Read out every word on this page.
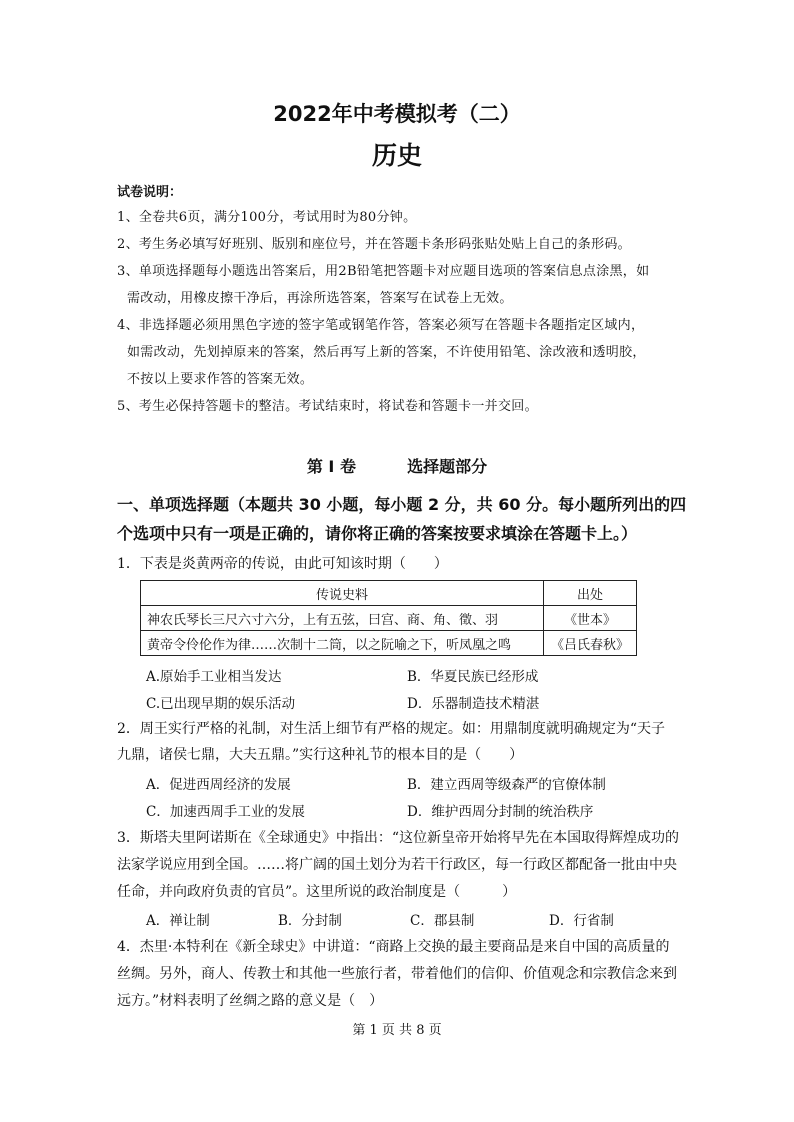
2022年中考模拟考（二）
历史
试卷说明：
1、全卷共6页，满分100分，考试用时为80分钟。
2、考生务必填写好班别、版别和座位号，并在答题卡条形码张贴处贴上自己的条形码。
3、单项选择题每小题选出答案后，用2B铅笔把答题卡对应题目选项的答案信息点涂黑，如
需改动，用橡皮擦干净后，再涂所选答案，答案写在试卷上无效。
4、非选择题必须用黑色字迹的签字笔或钢笔作答，答案必须写在答题卡各题指定区域内，
如需改动，先划掉原来的答案，然后再写上新的答案，不许使用铅笔、涂改液和透明胶，
不按以上要求作答的答案无效。
5、考生必保持答题卡的整洁。考试结束时，将试卷和答题卡一并交回。
第 I 卷	选择题部分
一、单项选择题（本题共 30 小题，每小题 2 分，共 60 分。每小题所列出的四
个选项中只有一项是正确的，请你将正确的答案按要求填涂在答题卡上。）
1．下表是炎黄两帝的传说，由此可知该时期（　　）
传说史料	出处
神农氏琴长三尺六寸六分，上有五弦，曰宫、商、角、徵、羽	《世本》
黄帝令伶伦作为律……次制十二筒，以之阮喻之下，听凤凰之鸣	《吕氏春秋》
A.原始手工业相当发达	B．华夏民族已经形成
C.已出现早期的娱乐活动	D．乐器制造技术精湛
2．周王实行严格的礼制，对生活上细节有严格的规定。如：用鼎制度就明确规定为“天子
九鼎，诸侯七鼎，大夫五鼎。”实行这种礼节的根本目的是（　　）
A．促进西周经济的发展	B．建立西周等级森严的官僚体制
C．加速西周手工业的发展	D．维护西周分封制的统治秩序
3．斯塔夫里阿诺斯在《全球通史》中指出：“这位新皇帝开始将早先在本国取得辉煌成功的
法家学说应用到全国。……将广阔的国土划分为若干行政区，每一行政区都配备一批由中央
任命，并向政府负责的官员”。这里所说的政治制度是（　　　）
A．禅让制	B．分封制	C．郡县制	D．行省制
4．杰里·本特利在《新全球史》中讲道：“商路上交换的最主要商品是来自中国的高质量的
丝绸。另外，商人、传教士和其他一些旅行者，带着他们的信仰、价值观念和宗教信念来到
远方。”材料表明了丝绸之路的意义是（　）
第 1 页 共 8 页
